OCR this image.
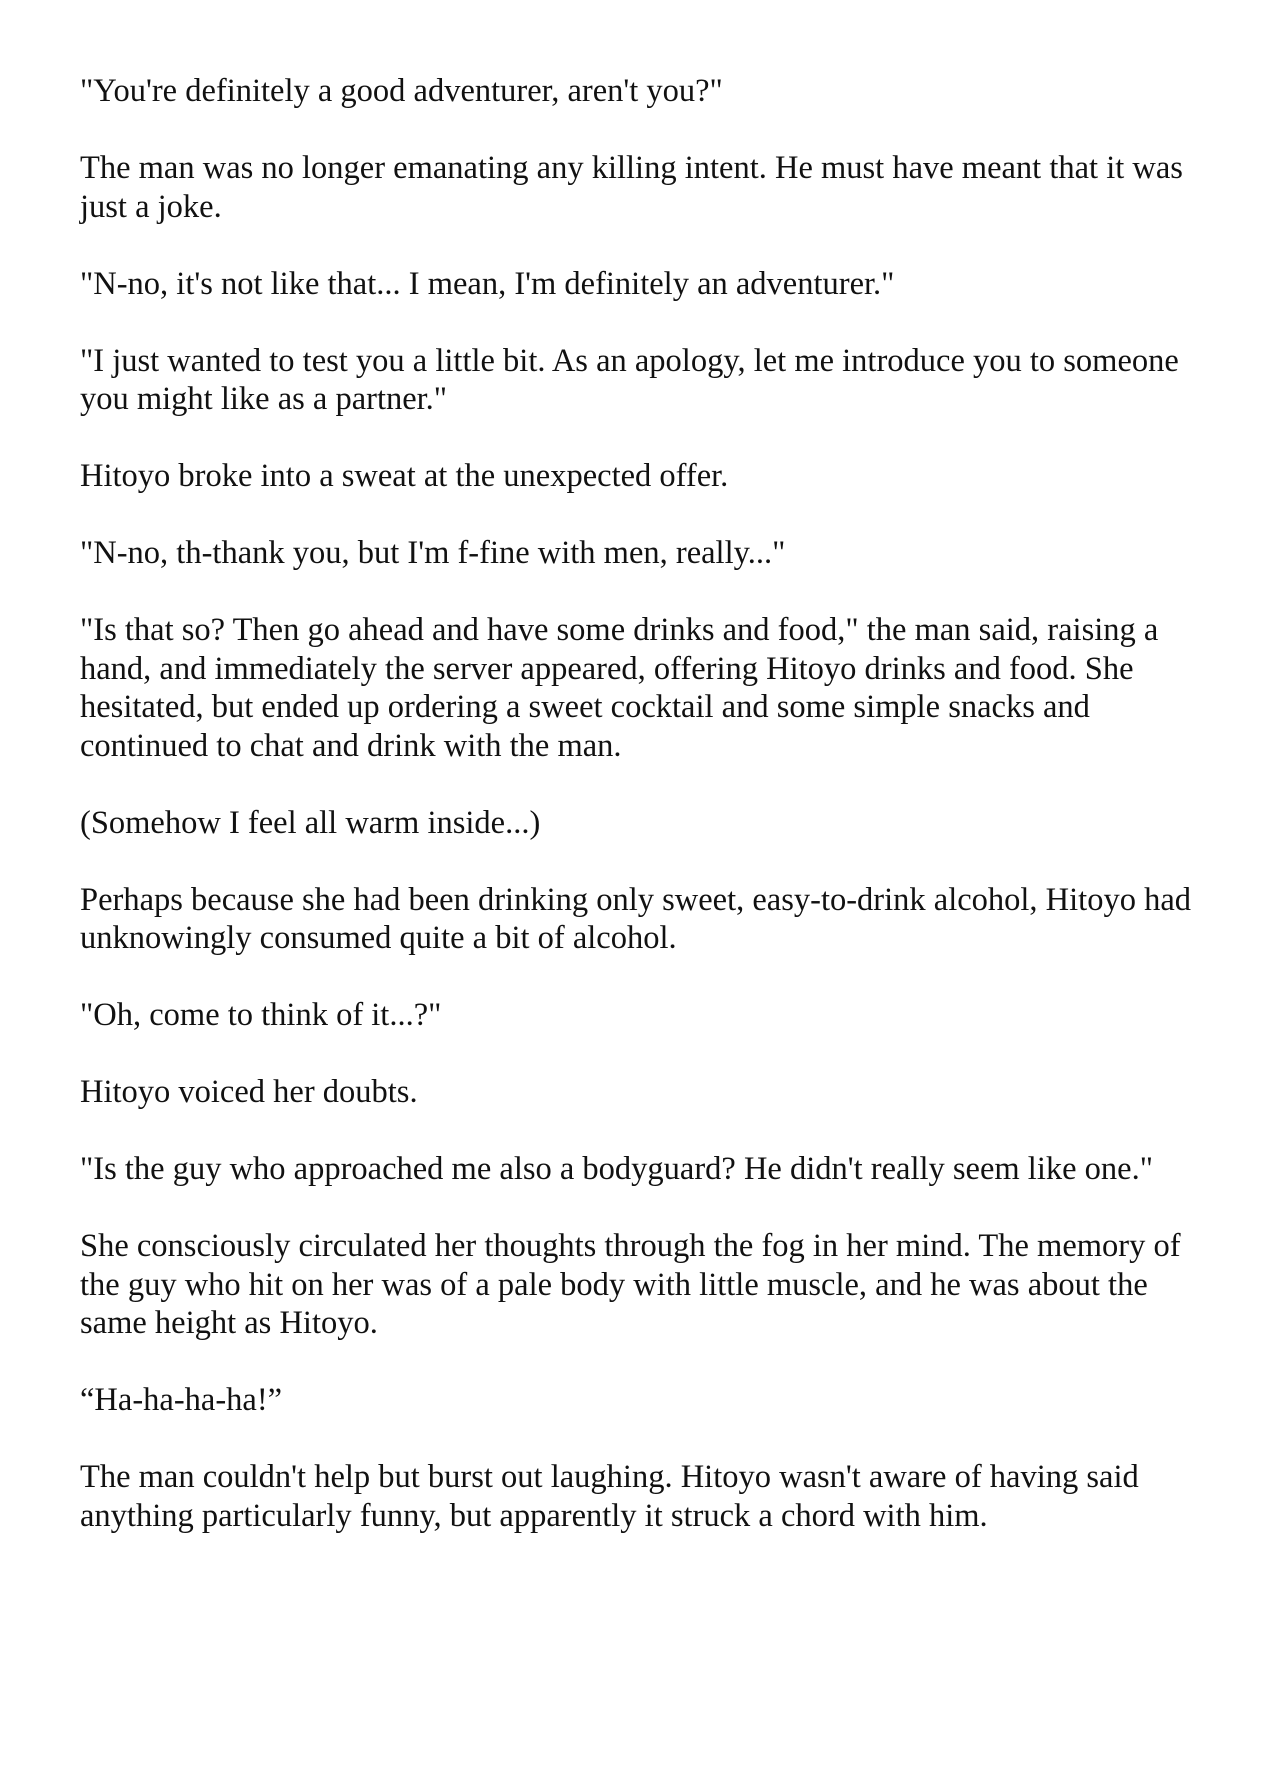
"You're definitely a good adventurer, aren't you?"

The man was no longer emanating any killing intent. He must have meant that it was just a joke.

"N-no, it's not like that... I mean, I'm definitely an adventurer."

"I just wanted to test you a little bit. As an apology, let me introduce you to someone you might like as a partner."

Hitoyo broke into a sweat at the unexpected offer.

"N-no, th-thank you, but I'm f-fine with men, really..."

"Is that so? Then go ahead and have some drinks and food," the man said, raising a hand, and immediately the server appeared, offering Hitoyo drinks and food. She hesitated, but ended up ordering a sweet cocktail and some simple snacks and continued to chat and drink with the man.

(Somehow I feel all warm inside...)

Perhaps because she had been drinking only sweet, easy-to-drink alcohol, Hitoyo had unknowingly consumed quite a bit of alcohol.

"Oh, come to think of it...?"

Hitoyo voiced her doubts.

"Is the guy who approached me also a bodyguard? He didn't really seem like one."

She consciously circulated her thoughts through the fog in her mind. The memory of the guy who hit on her was of a pale body with little muscle, and he was about the same height as Hitoyo.

“Ha-ha-ha-ha!”

The man couldn't help but burst out laughing. Hitoyo wasn't aware of having said anything particularly funny, but apparently it struck a chord with him.
